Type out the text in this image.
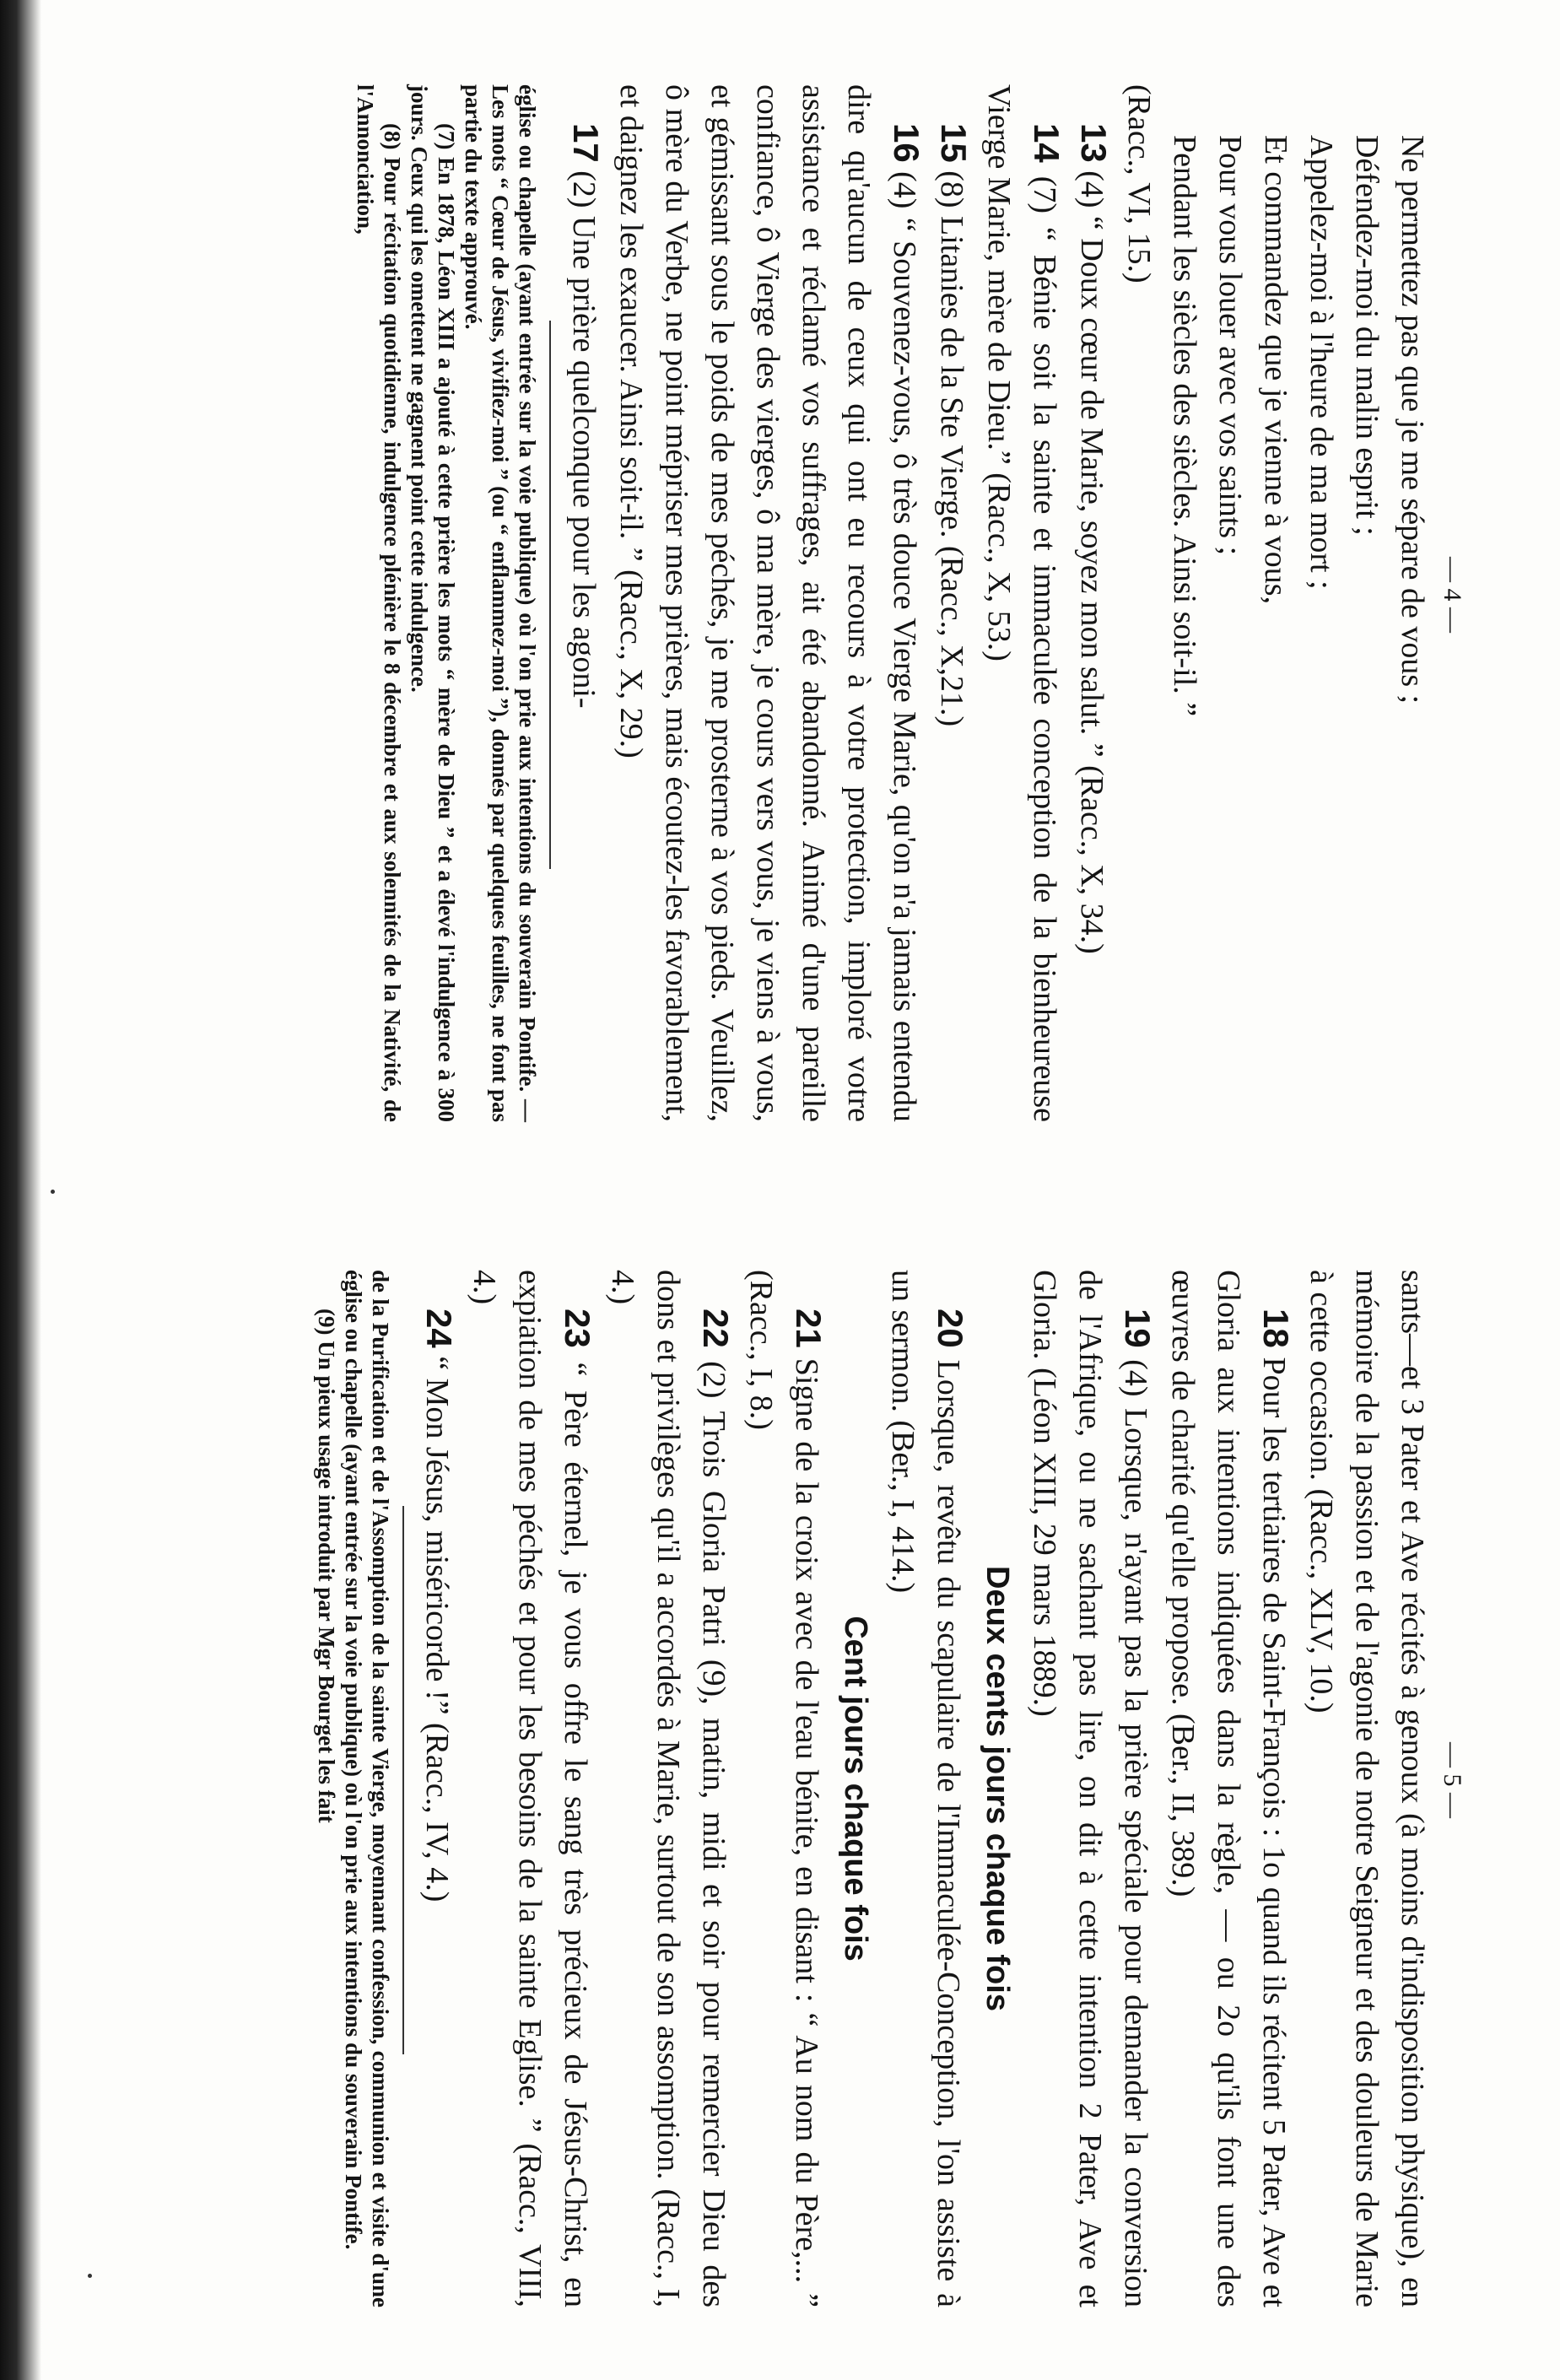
— 4 —

Ne permettez pas que je me sépare de vous ;

Défendez-moi du malin esprit ;

Appelez-moi à l'heure de ma mort ;

Et commandez que je vienne à vous,

Pour vous louer avec vos saints ;

Pendant les siècles des siècles. Ainsi soit-il. ”

(Racc., VI, 15.)

13 (4) “ Doux cœur de Marie, soyez mon salut. ” (Racc., X, 34.)

14 (7) “ Bénie soit la sainte et immaculée conception de la bienheureuse Vierge Marie, mère de Dieu.” (Racc., X, 53.)

15 (8) Litanies de la Ste Vierge. (Racc., X,21.)

16 (4) “ Souvenez-vous, ô très douce Vierge Marie, qu'on n'a jamais entendu dire qu'aucun de ceux qui ont eu recours à votre protection, imploré votre assistance et réclamé vos suffrages, ait été abandonné. Animé d'une pareille confiance, ô Vierge des vierges, ô ma mère, je cours vers vous, je viens à vous, et gémissant sous le poids de mes péchés, je me prosterne à vos pieds. Veuillez, ô mère du Verbe, ne point mépriser mes prières, mais écoutez-les favorablement, et daignez les exaucer. Ainsi soit-il. ” (Racc., X, 29.)

17 (2) Une prière quelconque pour les agoni-

église ou chapelle (ayant entrée sur la voie publique) où l'on prie aux intentions du souverain Pontife. — Les mots “ Cœur de Jésus, vivifiez-moi ” (ou “ enflammez-moi ”), donnés par quelques feuilles, ne font pas partie du texte approuvé.

(7) En 1878, Léon XIII a ajouté à cette prière les mots “ mère de Dieu ” et a élevé l'indulgence à 300 jours. Ceux qui les omettent ne gagnent point cette indulgence.

(8) Pour récitation quotidienne, indulgence plénière le 8 décembre et aux solennités de la Nativité, de l'Annonciation,

— 5 —

sants—et 3 Pater et Ave récités à genoux (à moins d'indisposition physique), en mémoire de la passion et de l'agonie de notre Seigneur et des douleurs de Marie à cette occasion. (Racc., XLV, 10.)

18 Pour les tertiaires de Saint-François : 1o quand ils récitent 5 Pater, Ave et Gloria aux intentions indiquées dans la règle, — ou 2o qu'ils font une des œuvres de charité qu'elle propose. (Ber., II, 389.)

19 (4) Lorsque, n'ayant pas la prière spéciale pour demander la conversion de l'Afrique, ou ne sachant pas lire, on dit à cette intention 2 Pater, Ave et Gloria. (Léon XIII, 29 mars 1889.)

Deux cents jours chaque fois

20 Lorsque, revêtu du scapulaire de l'Immaculée-Conception, l'on assiste à un sermon. (Ber., I, 414.)

Cent jours chaque fois

21 Signe de la croix avec de l'eau bénite, en disant : “ Au nom du Père,... ” (Racc., I, 8.)

22 (2) Trois Gloria Patri (9), matin, midi et soir pour remercier Dieu des dons et privilèges qu'il a accordés à Marie, surtout de son assomption. (Racc., I, 4.)

23 “ Père éternel, je vous offre le sang très précieux de Jésus-Christ, en expiation de mes péchés et pour les besoins de la sainte Eglise. ” (Racc., VIII, 4.)

24 “ Mon Jésus, miséricorde !” (Racc., IV, 4.)

de la Purification et de l'Assomption de la sainte Vierge, moyennant confession, communion et visite d'une église ou chapelle (ayant entrée sur la voie publique) où l'on prie aux intentions du souverain Pontife.

(9) Un pieux usage introduit par Mgr Bourget les fait
